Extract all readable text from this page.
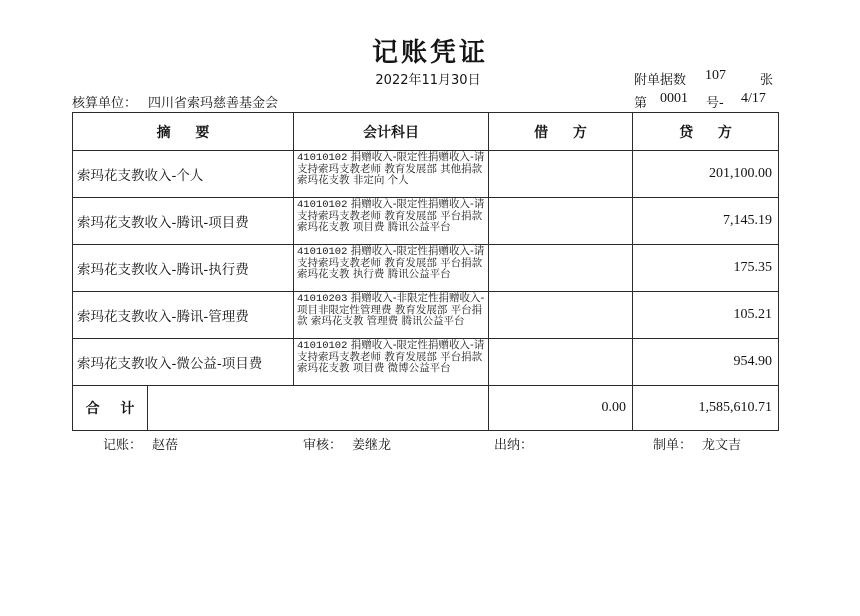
记账凭证
2022年11月30日	附单据数 107	张
核算单位： 四川省索玛慈善基金会	第 0001 号- 4/17
摘 要		会计科目	借 方	贷 方
索玛花支教收入-个人		41010102 捐赠收入-限定性捐赠收入-请支持索玛支教老师 教育发展部 其他捐款 索玛花支教 非定向 个人		201,100.00
索玛花支教收入-腾讯-项目费		41010102 捐赠收入-限定性捐赠收入-请支持索玛支教老师 教育发展部 平台捐款 索玛花支教 项目费 腾讯公益平台		7,145.19
索玛花支教收入-腾讯-执行费		41010102 捐赠收入-限定性捐赠收入-请支持索玛支教老师 教育发展部 平台捐款 索玛花支教 执行费 腾讯公益平台		175.35
索玛花支教收入-腾讯-管理费		41010203 捐赠收入-非限定性捐赠收入-项目非限定性管理费 教育发展部 平台捐款 索玛花支教 管理费 腾讯公益平台		105.21
索玛花支教收入-微公益-项目费		41010102 捐赠收入-限定性捐赠收入-请支持索玛支教老师 教育发展部 平台捐款 索玛花支教 项目费 微博公益平台		954.90
合 计			0.00	1,585,610.71
记账： 赵蓓	审核： 姜继龙	出纳：	制单： 龙文吉
